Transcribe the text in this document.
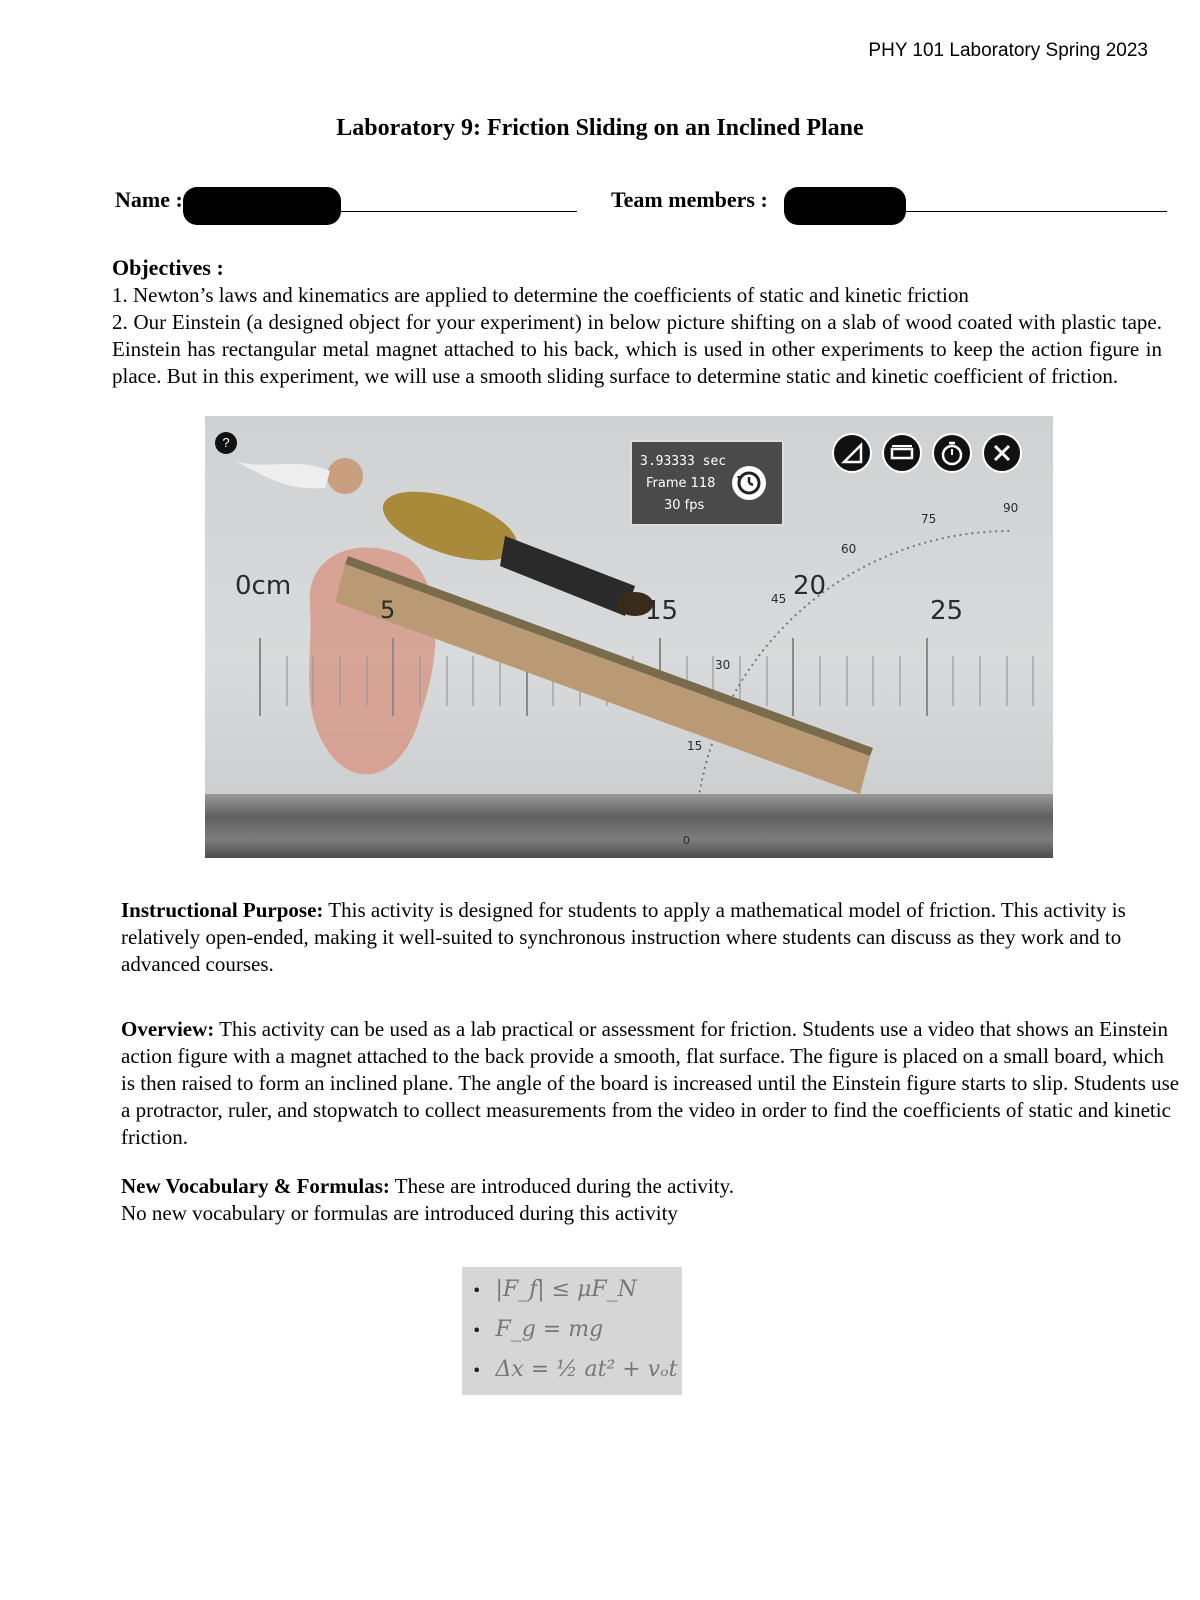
PHY 101 Laboratory Spring 2023
Laboratory 9: Friction Sliding on an Inclined Plane
Name :	Team members :
Objectives :
1. Newton’s laws and kinematics are applied to determine the coefficients of static and kinetic friction
2. Our Einstein (a designed object for your experiment) in below picture shifting on a slab of wood coated with plastic tape. Einstein has rectangular metal magnet attached to his back, which is used in other experiments to keep the action figure in place. But in this experiment, we will use a smooth sliding surface to determine static and kinetic coefficient of friction.
?
3.93333 sec
Frame 118
30 fps
0cm
5	15
20
25
0
15
30
45
60
75
90
Instructional Purpose: This activity is designed for students to apply a mathematical model of friction. This activity is relatively open-ended, making it well-suited to synchronous instruction where students can discuss as they work and to advanced courses.
Overview: This activity can be used as a lab practical or assessment for friction. Students use a video that shows an Einstein action figure with a magnet attached to the back provide a smooth, flat surface. The figure is placed on a small board, which is then raised to form an inclined plane. The angle of the board is increased until the Einstein figure starts to slip. Students use a protractor, ruler, and stopwatch to collect measurements from the video in order to find the coefficients of static and kinetic friction.
New Vocabulary & Formulas: These are introduced during the activity.
No new vocabulary or formulas are introduced during this activity
• |F_f| ≤ μF_N
• F_g = mg
• Δx = ½ at² + vₒt
